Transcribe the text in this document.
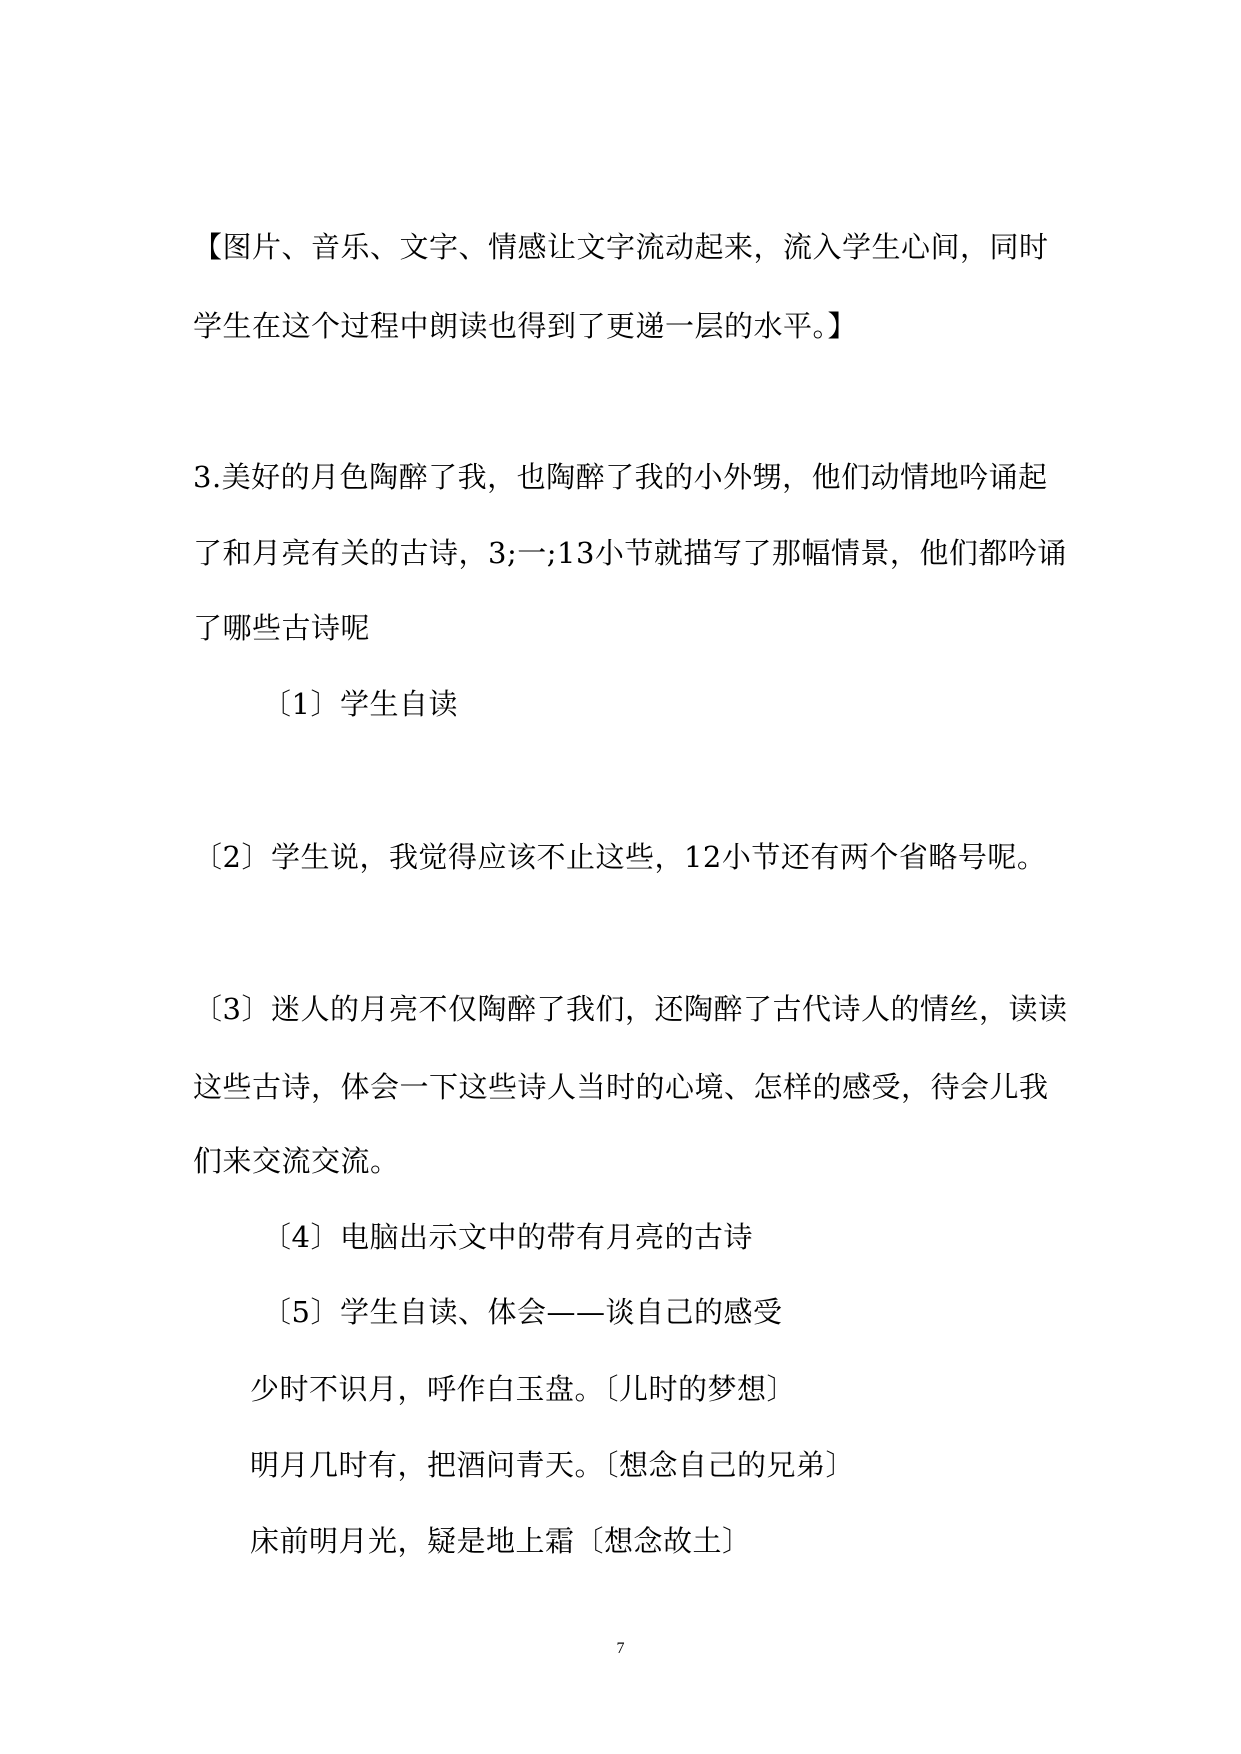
【图片、音乐、文字、情感让文字流动起来，流入学生心间，同时
学生在这个过程中朗读也得到了更递一层的水平。】
3.美好的月色陶醉了我，也陶醉了我的小外甥，他们动情地吟诵起
了和月亮有关的古诗，3;一;13小节就描写了那幅情景，他们都吟诵
了哪些古诗呢
〔1〕学生自读
〔2〕学生说，我觉得应该不止这些，12小节还有两个省略号呢。
〔3〕迷人的月亮不仅陶醉了我们，还陶醉了古代诗人的情丝，读读
这些古诗，体会一下这些诗人当时的心境、怎样的感受，待会儿我
们来交流交流。
〔4〕电脑出示文中的带有月亮的古诗
〔5〕学生自读、体会——谈自己的感受
少时不识月，呼作白玉盘。〔儿时的梦想〕
明月几时有，把酒问青天。〔想念自己的兄弟〕
床前明月光，疑是地上霜〔想念故土〕
7
